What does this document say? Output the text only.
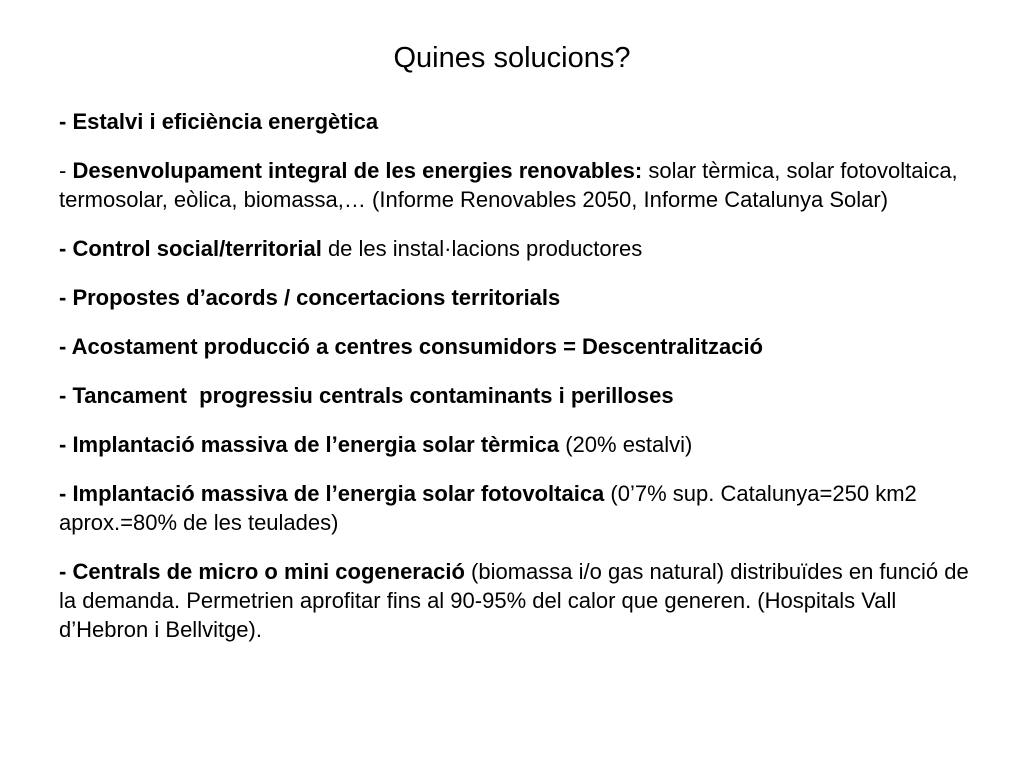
Quines solucions?
- Estalvi i eficiència energètica
- Desenvolupament integral de les energies renovables: solar tèrmica, solar fotovoltaica, termosolar, eòlica, biomassa,… (Informe Renovables 2050, Informe Catalunya Solar)
- Control social/territorial de les instal·lacions productores
- Propostes d’acords / concertacions territorials
- Acostament producció a centres consumidors = Descentralització
- Tancament  progressiu centrals contaminants i perilloses
- Implantació massiva de l’energia solar tèrmica (20% estalvi)
- Implantació massiva de l’energia solar fotovoltaica (0’7% sup. Catalunya=250 km2 aprox.=80% de les teulades)
- Centrals de micro o mini cogeneració (biomassa i/o gas natural) distribuïdes en funció de la demanda. Permetrien aprofitar fins al 90-95% del calor que generen. (Hospitals Vall d’Hebron i Bellvitge).
